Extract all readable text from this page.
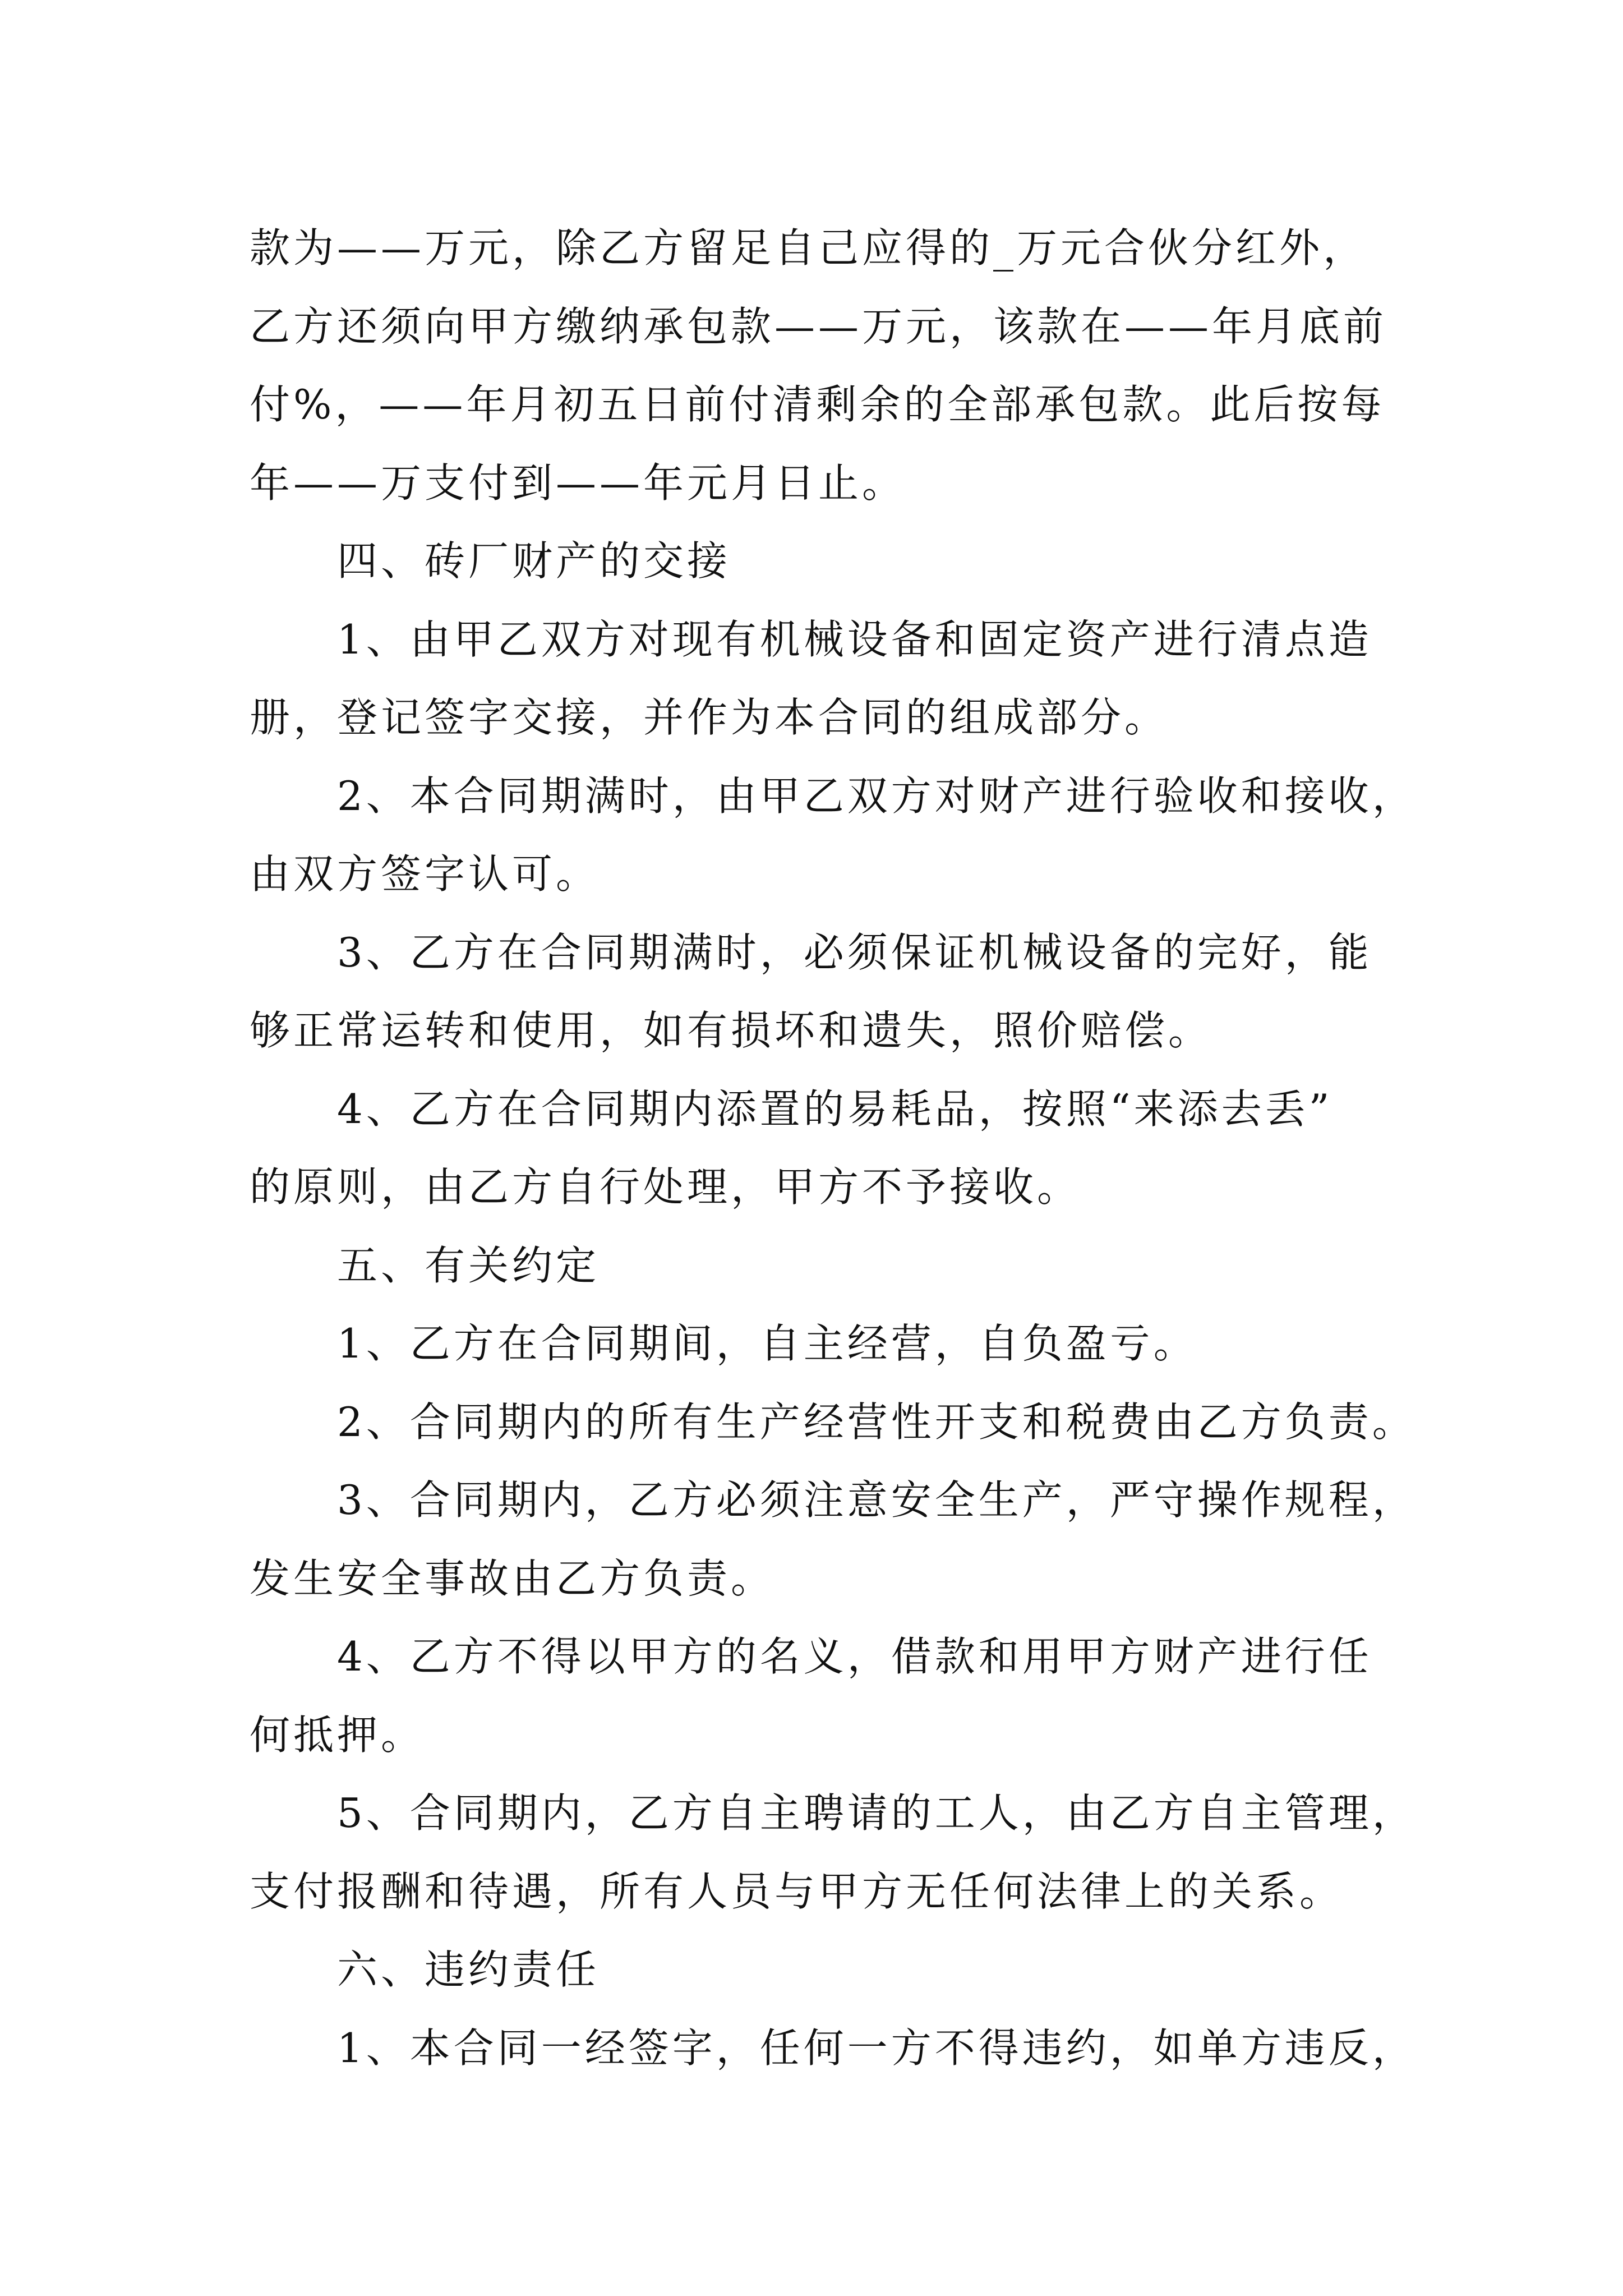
款为——万元，除乙方留足自己应得的_万元合伙分红外，
乙方还须向甲方缴纳承包款——万元，该款在——年月底前
付%，——年月初五日前付清剩余的全部承包款。此后按每
年——万支付到——年元月日止。
四、砖厂财产的交接
1、由甲乙双方对现有机械设备和固定资产进行清点造
册，登记签字交接，并作为本合同的组成部分。
2、本合同期满时，由甲乙双方对财产进行验收和接收，
由双方签字认可。
3、乙方在合同期满时，必须保证机械设备的完好，能
够正常运转和使用，如有损坏和遗失，照价赔偿。
4、乙方在合同期内添置的易耗品，按照“来添去丢”
的原则，由乙方自行处理，甲方不予接收。
五、有关约定
1、乙方在合同期间，自主经营，自负盈亏。
2、合同期内的所有生产经营性开支和税费由乙方负责。
3、合同期内，乙方必须注意安全生产，严守操作规程，
发生安全事故由乙方负责。
4、乙方不得以甲方的名义，借款和用甲方财产进行任
何抵押。
5、合同期内，乙方自主聘请的工人，由乙方自主管理，
支付报酬和待遇，所有人员与甲方无任何法律上的关系。
六、违约责任
1、本合同一经签字，任何一方不得违约，如单方违反，
